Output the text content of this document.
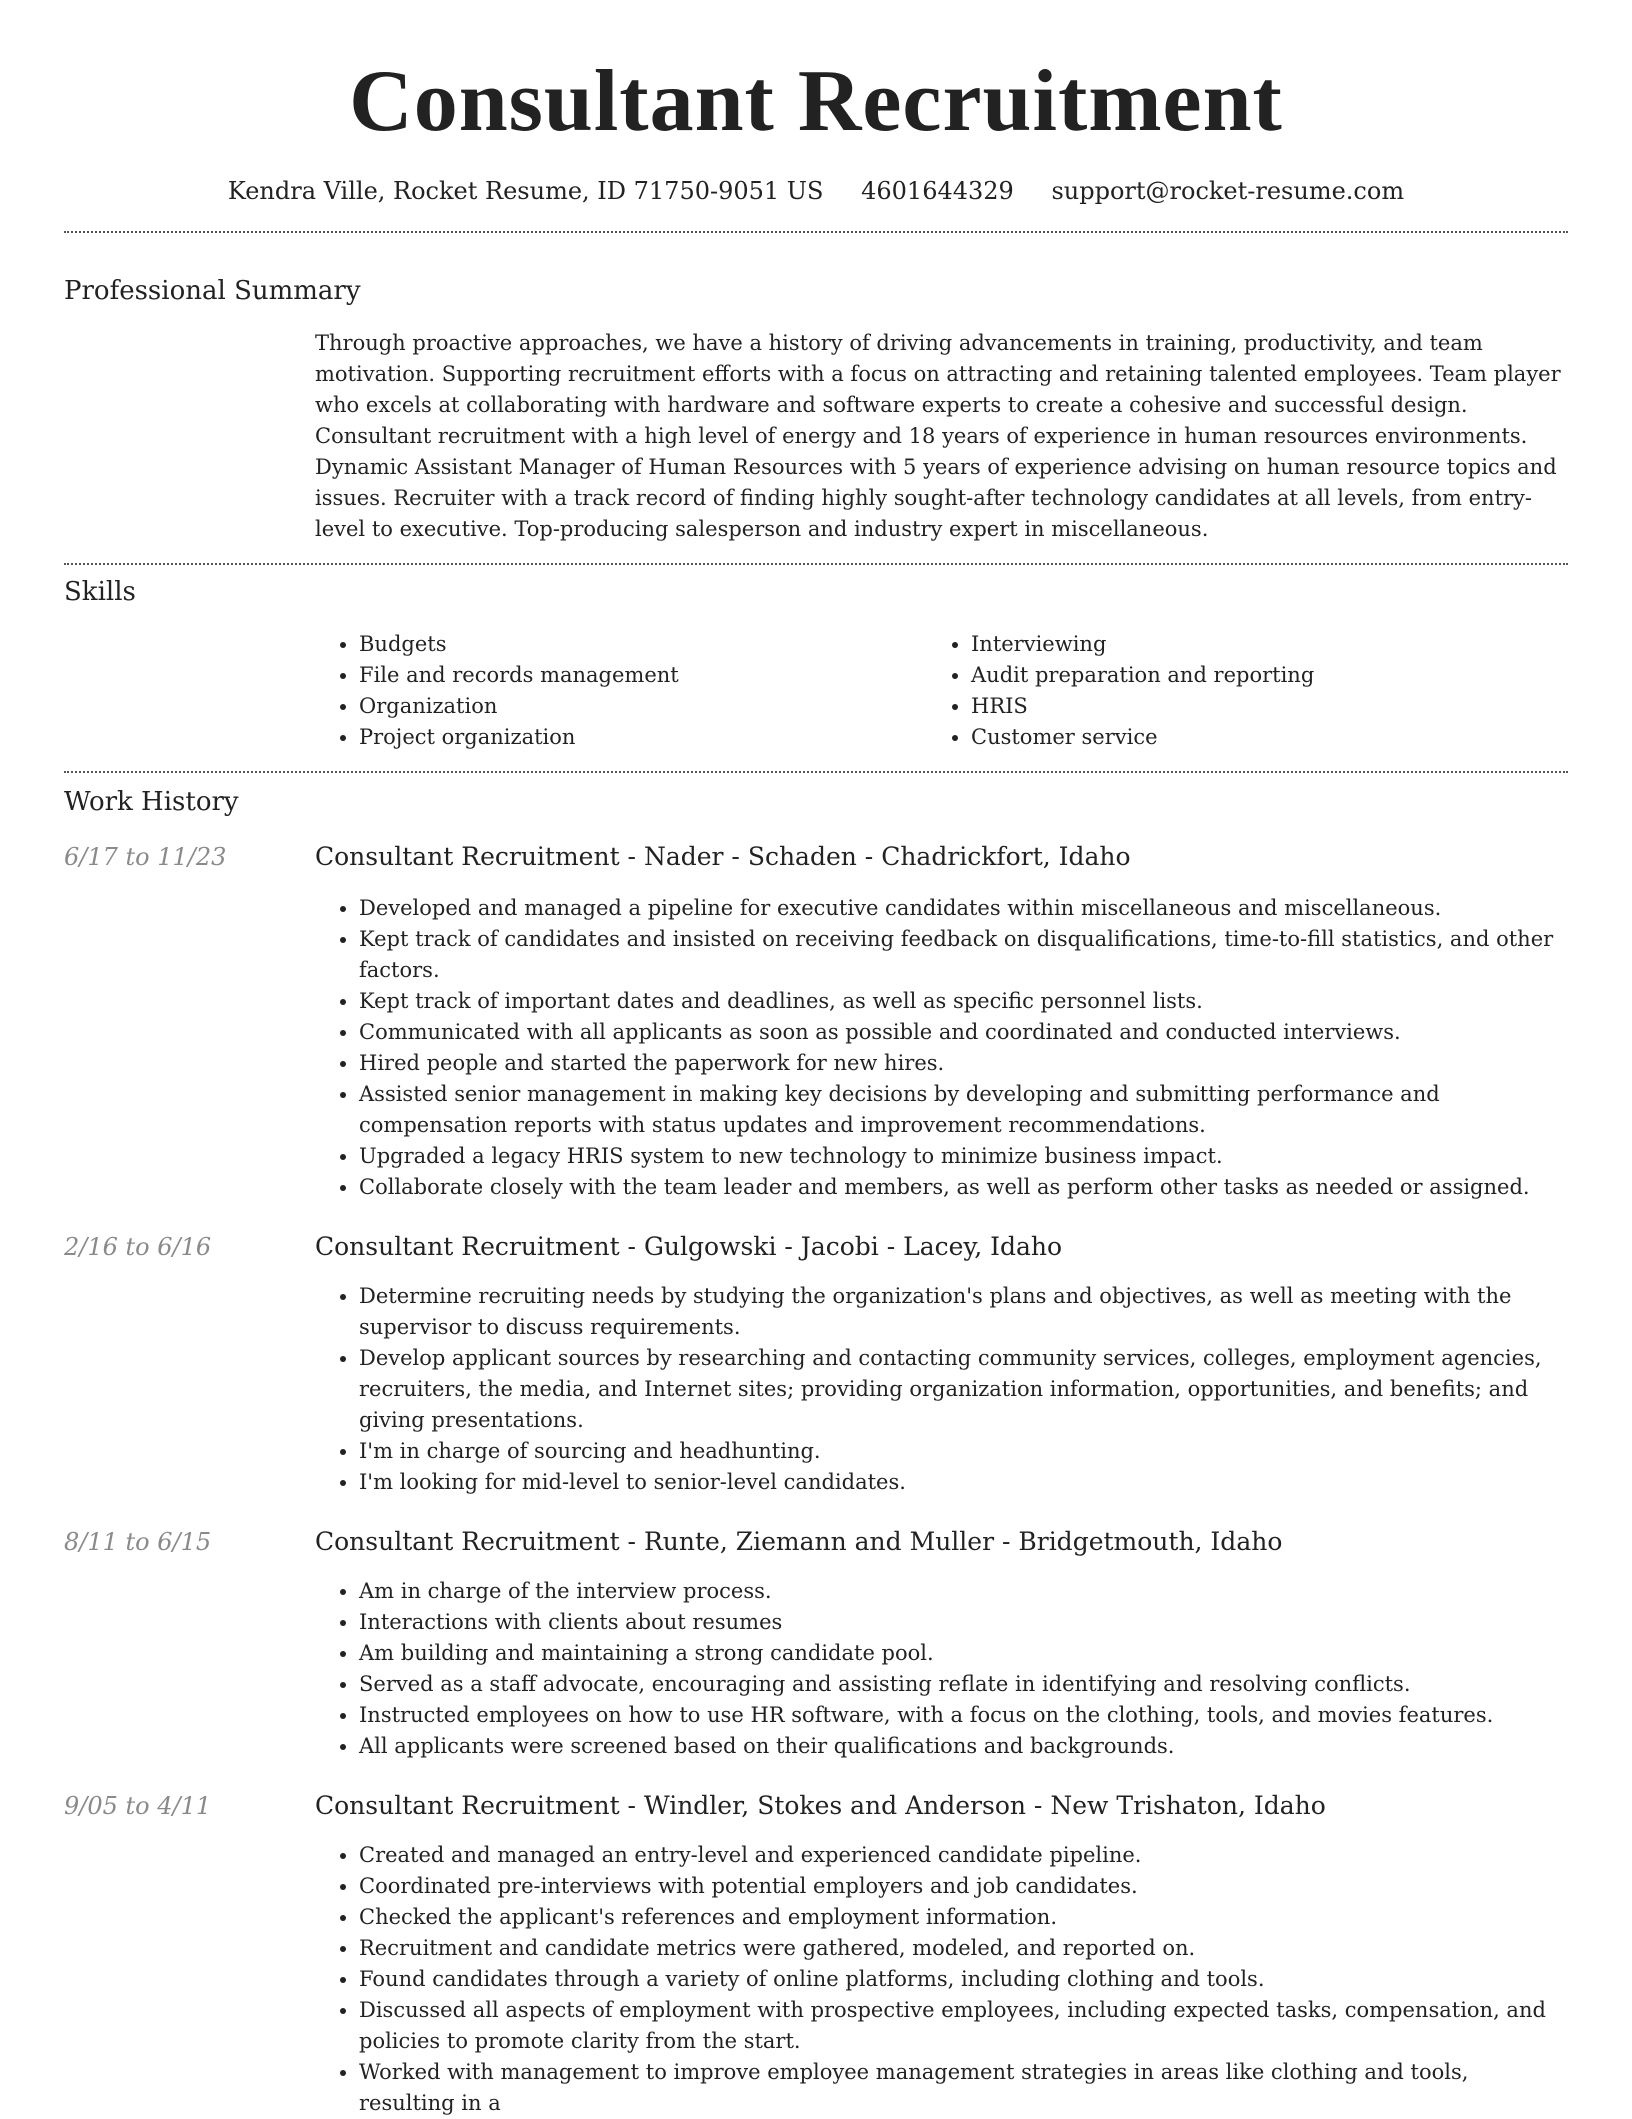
Consultant Recruitment
Kendra Ville, Rocket Resume, ID 71750-9051 US 4601644329 support@rocket-resume.com
Professional Summary
Through proactive approaches, we have a history of driving advancements in training, productivity, and team motivation. Supporting recruitment efforts with a focus on attracting and retaining talented employees. Team player who excels at collaborating with hardware and software experts to create a cohesive and successful design. Consultant recruitment with a high level of energy and 18 years of experience in human resources environments. Dynamic Assistant Manager of Human Resources with 5 years of experience advising on human resource topics and issues. Recruiter with a track record of finding highly sought-after technology candidates at all levels, from entry-level to executive. Top-producing salesperson and industry expert in miscellaneous.
Skills
• Budgets
• File and records management
• Organization
• Project organization
• Interviewing
• Audit preparation and reporting
• HRIS
• Customer service
Work History
6/17 to 11/23	Consultant Recruitment - Nader - Schaden - Chadrickfort, Idaho
• Developed and managed a pipeline for executive candidates within miscellaneous and miscellaneous.
• Kept track of candidates and insisted on receiving feedback on disqualifications, time-to-fill statistics, and other factors.
• Kept track of important dates and deadlines, as well as specific personnel lists.
• Communicated with all applicants as soon as possible and coordinated and conducted interviews.
• Hired people and started the paperwork for new hires.
• Assisted senior management in making key decisions by developing and submitting performance and compensation reports with status updates and improvement recommendations.
• Upgraded a legacy HRIS system to new technology to minimize business impact.
• Collaborate closely with the team leader and members, as well as perform other tasks as needed or assigned.
2/16 to 6/16	Consultant Recruitment - Gulgowski - Jacobi - Lacey, Idaho
• Determine recruiting needs by studying the organization's plans and objectives, as well as meeting with the supervisor to discuss requirements.
• Develop applicant sources by researching and contacting community services, colleges, employment agencies, recruiters, the media, and Internet sites; providing organization information, opportunities, and benefits; and giving presentations.
• I'm in charge of sourcing and headhunting.
• I'm looking for mid-level to senior-level candidates.
8/11 to 6/15	Consultant Recruitment - Runte, Ziemann and Muller - Bridgetmouth, Idaho
• Am in charge of the interview process.
• Interactions with clients about resumes
• Am building and maintaining a strong candidate pool.
• Served as a staff advocate, encouraging and assisting reflate in identifying and resolving conflicts.
• Instructed employees on how to use HR software, with a focus on the clothing, tools, and movies features.
• All applicants were screened based on their qualifications and backgrounds.
9/05 to 4/11	Consultant Recruitment - Windler, Stokes and Anderson - New Trishaton, Idaho
• Created and managed an entry-level and experienced candidate pipeline.
• Coordinated pre-interviews with potential employers and job candidates.
• Checked the applicant's references and employment information.
• Recruitment and candidate metrics were gathered, modeled, and reported on.
• Found candidates through a variety of online platforms, including clothing and tools.
• Discussed all aspects of employment with prospective employees, including expected tasks, compensation, and policies to promote clarity from the start.
• Worked with management to improve employee management strategies in areas like clothing and tools, resulting in a
